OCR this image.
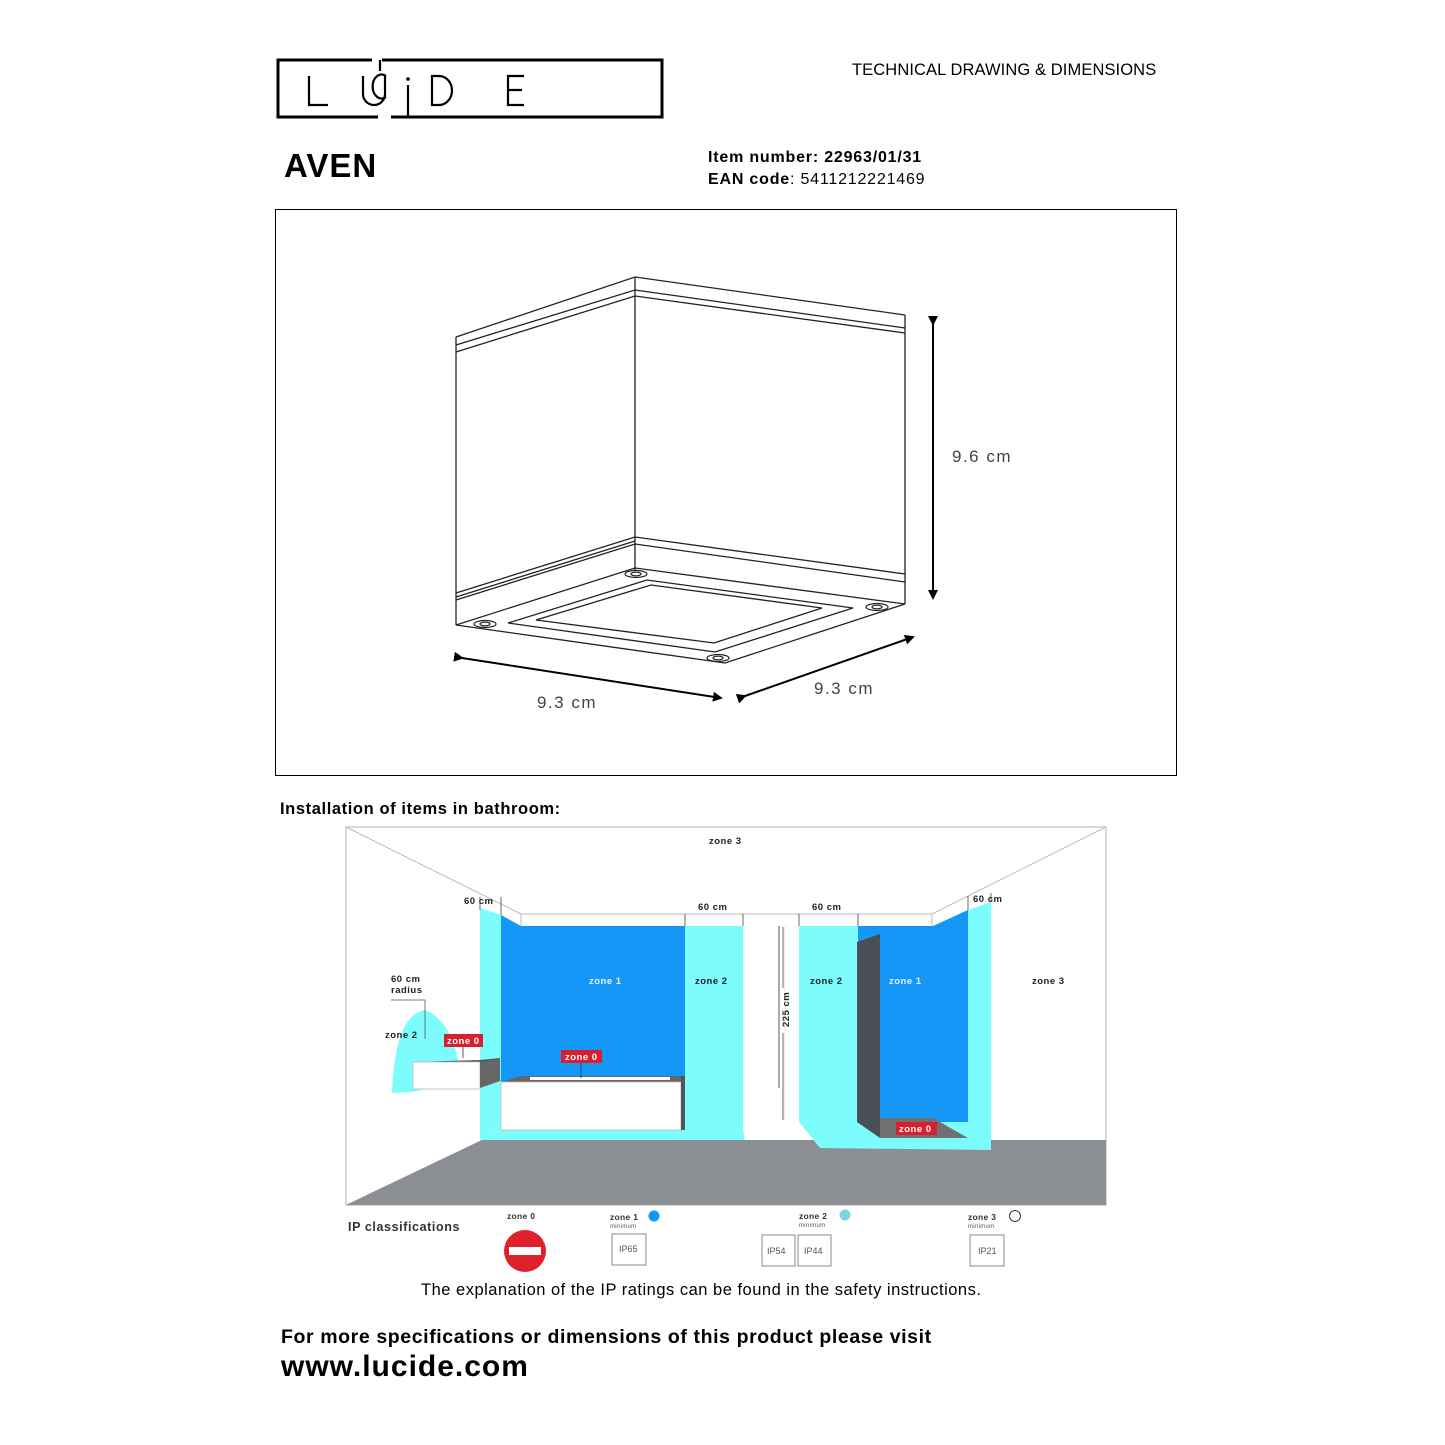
LUCiDE
TECHNICAL DRAWING & DIMENSIONS
AVEN	Item number: 22963/01/31
EAN code: 5411212221469
9.6 cm
9.3 cm
9.3 cm
Installation of items in bathroom:
zone 3
60 cm
60 cm	60 cm
60 cm
60 cm
radius
zone 2
zone 2	zone 2	zone 3
225 cm
zone 1	zone 1
zone 0
zone 0
zone 0
IP classifications
zone 0	zone 1	zone 2	zone 3
minimum	minimum	minimum
IP65	IP54 IP44	IP21
The explanation of the IP ratings can be found in the safety instructions.
For more specifications or dimensions of this product please visit
www.lucide.com
